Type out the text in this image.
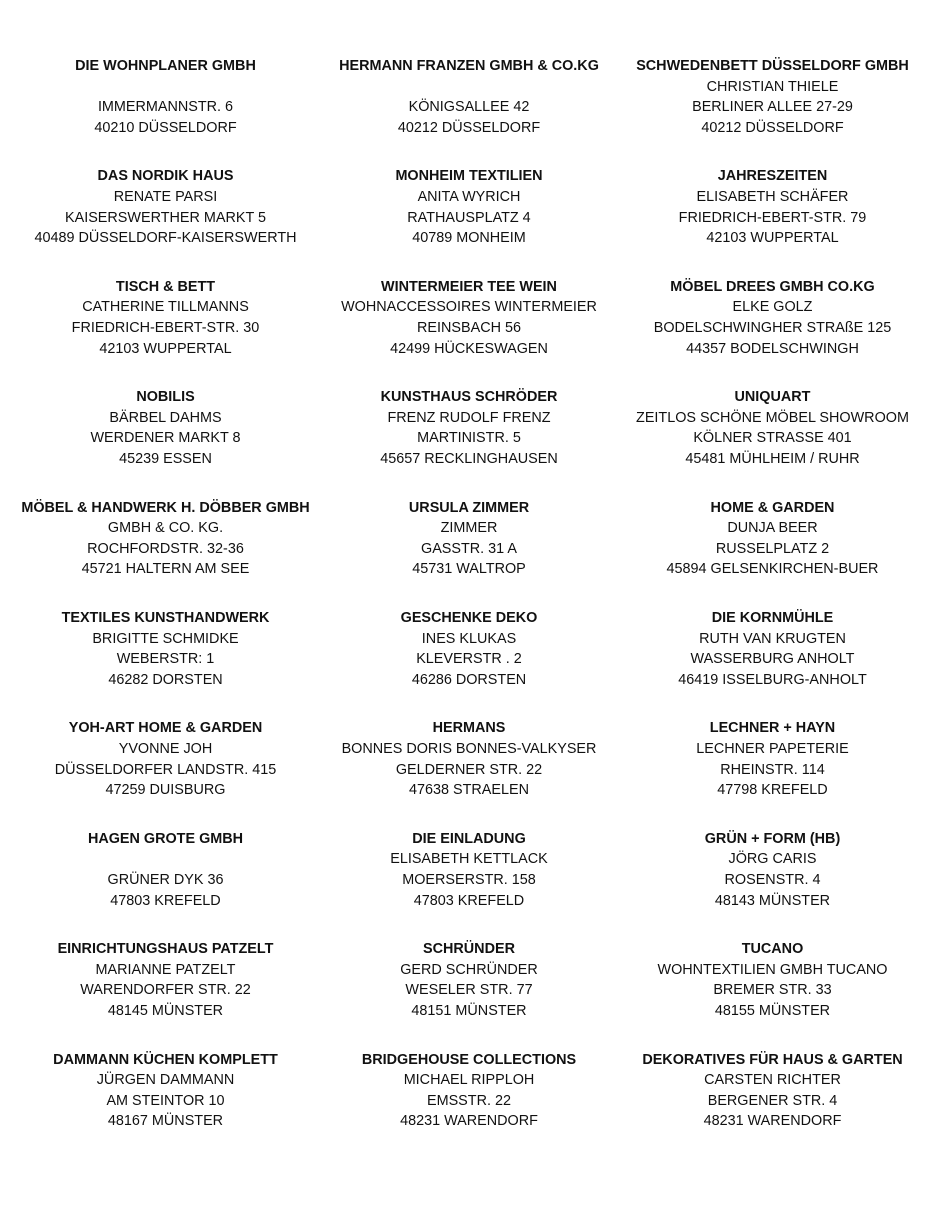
DIE WOHNPLANER GMBH
IMMERMANNSTR. 6
40210 DÜSSELDORF
HERMANN FRANZEN GMBH & CO.KG
KÖNIGSALLEE 42
40212 DÜSSELDORF
SCHWEDENBETT DÜSSELDORF GMBH
CHRISTIAN THIELE
BERLINER ALLEE 27-29
40212 DÜSSELDORF
DAS NORDIK HAUS
RENATE PARSI
KAISERSWERTHER MARKT 5
40489 DÜSSELDORF-KAISERSWERTH
MONHEIM TEXTILIEN
ANITA WYRICH
RATHAUSPLATZ 4
40789 MONHEIM
JAHRESZEITEN
ELISABETH SCHÄFER
FRIEDRICH-EBERT-STR. 79
42103 WUPPERTAL
TISCH & BETT
CATHERINE TILLMANNS
FRIEDRICH-EBERT-STR. 30
42103 WUPPERTAL
WINTERMEIER TEE WEIN
WOHNACCESSOIRES WINTERMEIER
REINSBACH 56
42499 HÜCKESWAGEN
MÖBEL DREES GMBH CO.KG
ELKE GOLZ
BODELSCHWINGHER STRAßE 125
44357 BODELSCHWINGH
NOBILIS
BÄRBEL DAHMS
WERDENER MARKT 8
45239 ESSEN
KUNSTHAUS SCHRÖDER
FRENZ RUDOLF FRENZ
MARTINISTR. 5
45657 RECKLINGHAUSEN
UNIQUART
ZEITLOS SCHÖNE MÖBEL SHOWROOM
KÖLNER STRASSE 401
45481 MÜHLHEIM / RUHR
MÖBEL & HANDWERK H. DÖBBER GMBH
GMBH & CO. KG.
ROCHFORDSTR. 32-36
45721 HALTERN AM SEE
URSULA ZIMMER
ZIMMER
GASSTR. 31 A
45731 WALTROP
HOME & GARDEN
DUNJA BEER
RUSSELPLATZ 2
45894 GELSENKIRCHEN-BUER
TEXTILES KUNSTHANDWERK
BRIGITTE SCHMIDKE
WEBERSTR: 1
46282 DORSTEN
GESCHENKE DEKO
INES KLUKAS
KLEVERSTR . 2
46286 DORSTEN
DIE KORNMÜHLE
RUTH VAN KRUGTEN
WASSERBURG ANHOLT
46419 ISSELBURG-ANHOLT
YOH-ART HOME & GARDEN
YVONNE JOH
DÜSSELDORFER LANDSTR. 415
47259 DUISBURG
HERMANS
BONNES DORIS BONNES-VALKYSER
GELDERNER STR. 22
47638 STRAELEN
LECHNER + HAYN
LECHNER PAPETERIE
RHEINSTR. 114
47798 KREFELD
HAGEN GROTE GMBH
GRÜNER DYK 36
47803 KREFELD
DIE EINLADUNG
ELISABETH KETTLACK
MOERSERSTR. 158
47803 KREFELD
GRÜN + FORM (HB)
JÖRG CARIS
ROSENSTR. 4
48143 MÜNSTER
EINRICHTUNGSHAUS PATZELT
MARIANNE PATZELT
WARENDORFER STR. 22
48145 MÜNSTER
SCHRÜNDER
GERD SCHRÜNDER
WESELER STR. 77
48151 MÜNSTER
TUCANO
WOHNTEXTILIEN GMBH TUCANO
BREMER STR. 33
48155 MÜNSTER
DAMMANN KÜCHEN KOMPLETT
JÜRGEN DAMMANN
AM STEINTOR 10
48167 MÜNSTER
BRIDGEHOUSE COLLECTIONS
MICHAEL RIPPLOH
EMSSTR. 22
48231 WARENDORF
DEKORATIVES FÜR HAUS & GARTEN
CARSTEN RICHTER
BERGENER STR. 4
48231 WARENDORF
